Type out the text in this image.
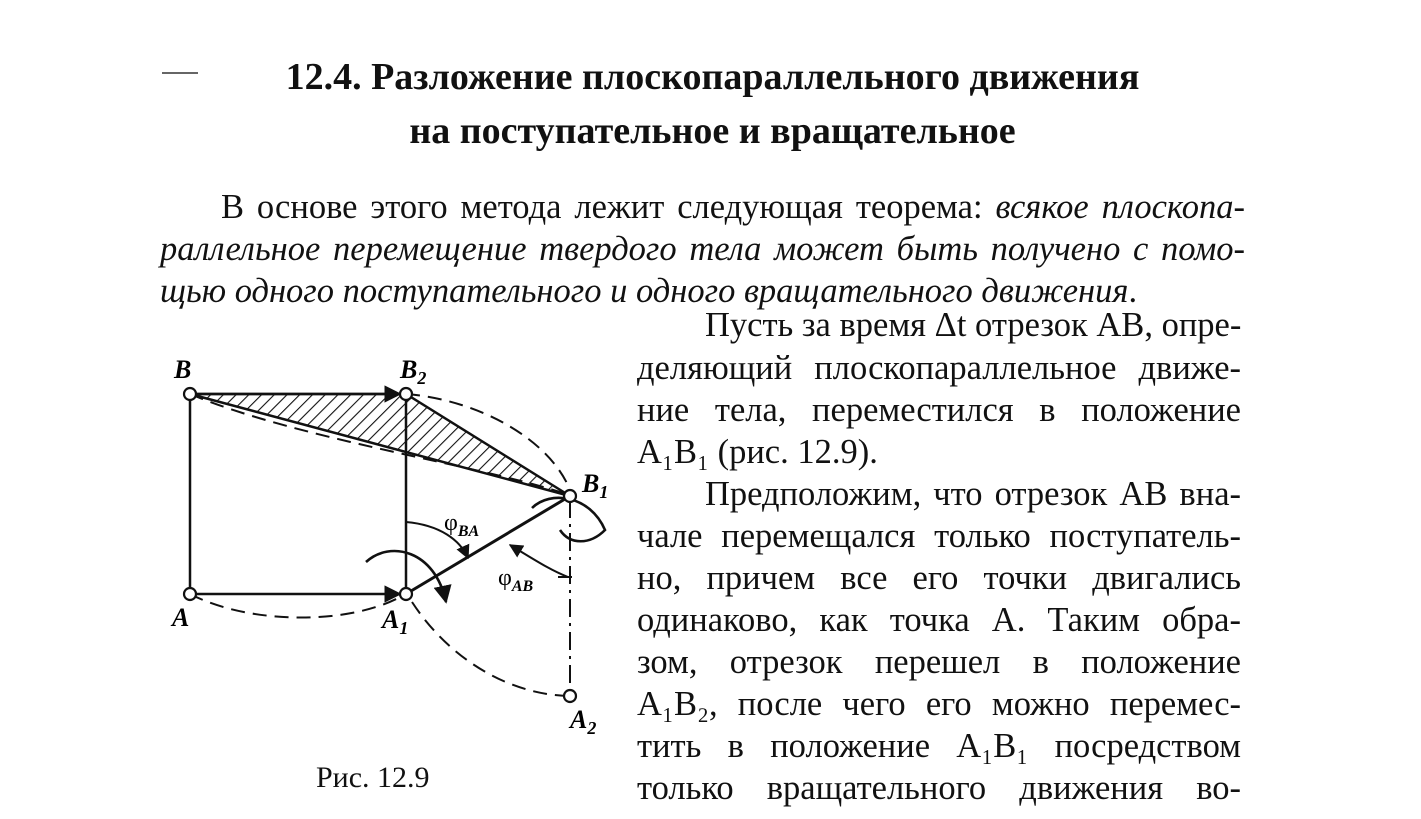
12.4. Разложение плоскопараллельного движения
на поступательное и вращательное
В основе этого метода лежит следующая теорема: всякое плоскопа-
раллельное перемещение твердого тела может быть получено с помо-
щью одного поступательного и одного вращательного движения.
Пусть за время Δt отрезок AB, опре-
деляющий плоскопараллельное движе-
ние тела, переместился в положение
A₁B₁ (рис. 12.9).
Предположим, что отрезок AB вна-
чале перемещался только поступатель-
но, причем все его точки двигались
одинаково, как точка A. Таким обра-
зом, отрезок перешел в положение
A₁B₂, после чего его можно перемес-
тить в положение A₁B₁ посредством
только вращательного движения во-
B	$B_2$
$B_1$
A	$A_1$
$A_2$
$\varphi_{BA}$
$\varphi_{AB}$
Рис. 12.9
